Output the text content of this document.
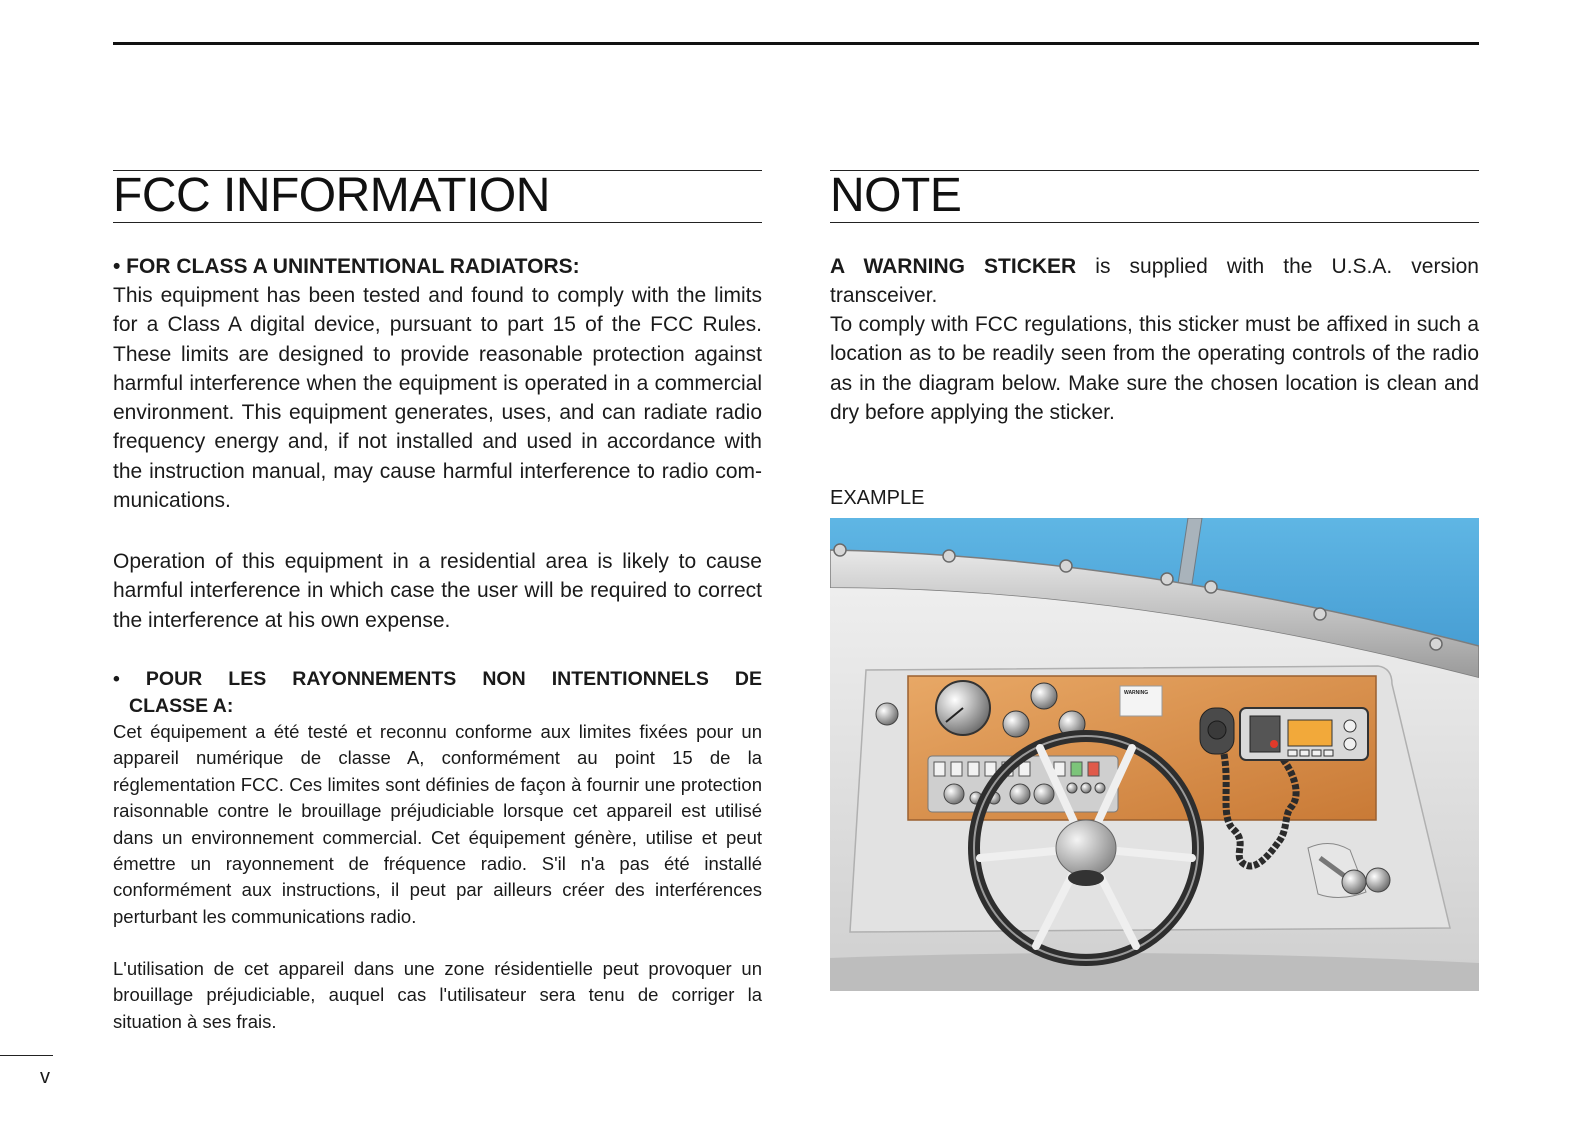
FCC INFORMATION

• FOR CLASS A UNINTENTIONAL RADIATORS:

This equipment has been tested and found to comply with the limits for a Class A digital device, pursuant to part 15 of the FCC Rules. These limits are designed to provide reasonable protection against harmful interference when the equipment is operated in a commercial environment. This equipment generates, uses, and can radiate radio frequency energy and, if not installed and used in accordance with the instruction manual, may cause harmful interference to radio communications.

Operation of this equipment in a residential area is likely to cause harmful interference in which case the user will be required to correct the interference at his own expense.

• POUR LES RAYONNEMENTS NON INTENTIONNELS DE

CLASSE A:

Cet équipement a été testé et reconnu conforme aux limites fixées pour un appareil numérique de classe A, conformément au point 15 de la réglementation FCC. Ces limites sont définies de façon à fournir une protection raisonnable contre le brouillage préjudiciable lorsque cet appareil est utilisé dans un environnement commercial. Cet équipement génère, utilise et peut émettre un rayonnement de fréquence radio. S'il n'a pas été installé conformément aux instructions, il peut par ailleurs créer des interférences perturbant les communications radio.

L'utilisation de cet appareil dans une zone résidentielle peut provoquer un brouillage préjudiciable, auquel cas l'utilisateur sera tenu de corriger la situation à ses frais.

NOTE

A WARNING STICKER is supplied with the U.S.A. version transceiver.

To comply with FCC regulations, this sticker must be affixed in such a location as to be readily seen from the operating controls of the radio as in the diagram below. Make sure the chosen location is clean and dry before applying the sticker.

EXAMPLE

WARNING

v
